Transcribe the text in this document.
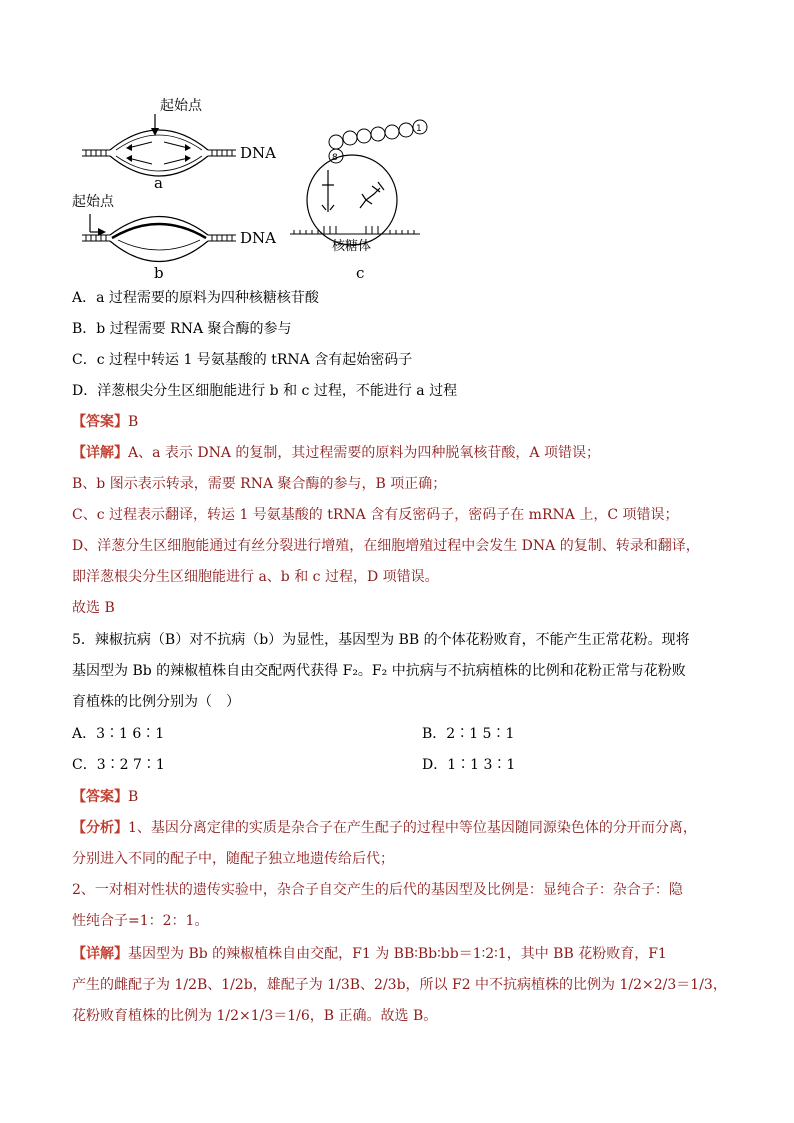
起始点
DNA
a
起始点
DNA
b
1
8
核糖体
c
A．a 过程需要的原料为四种核糖核苷酸
B．b 过程需要 RNA 聚合酶的参与
C．c 过程中转运 1 号氨基酸的 tRNA 含有起始密码子
D．洋葱根尖分生区细胞能进行 b 和 c 过程，不能进行 a 过程
【答案】B
【详解】A、a 表示 DNA 的复制，其过程需要的原料为四种脱氧核苷酸，A 项错误；
B、b 图示表示转录，需要 RNA 聚合酶的参与，B 项正确；
C、c 过程表示翻译，转运 1 号氨基酸的 tRNA 含有反密码子，密码子在 mRNA 上，C 项错误；
D、洋葱分生区细胞能通过有丝分裂进行增殖，在细胞增殖过程中会发生 DNA 的复制、转录和翻译，
即洋葱根尖分生区细胞能进行 a、b 和 c 过程，D 项错误。
故选 B
5．辣椒抗病（B）对不抗病（b）为显性，基因型为 BB 的个体花粉败育，不能产生正常花粉。现将
基因型为 Bb 的辣椒植株自由交配两代获得 F₂。F₂ 中抗病与不抗病植株的比例和花粉正常与花粉败
育植株的比例分别为（　）
A．3∶1 6∶1	B．2∶1 5∶1
C．3∶2 7∶1	D．1∶1 3∶1
【答案】B
【分析】1、基因分离定律的实质是杂合子在产生配子的过程中等位基因随同源染色体的分开而分离，
分别进入不同的配子中，随配子独立地遗传给后代；
2、一对相对性状的遗传实验中，杂合子自交产生的后代的基因型及比例是：显纯合子：杂合子：隐
性纯合子=1：2：1。
【详解】基因型为 Bb 的辣椒植株自由交配，F1 为 BB∶Bb∶bb＝1∶2∶1，其中 BB 花粉败育，F1
产生的雌配子为 1/2B、1/2b，雄配子为 1/3B、2/3b，所以 F2 中不抗病植株的比例为 1/2×2/3＝1/3，
花粉败育植株的比例为 1/2×1/3＝1/6，B 正确。故选 B。
